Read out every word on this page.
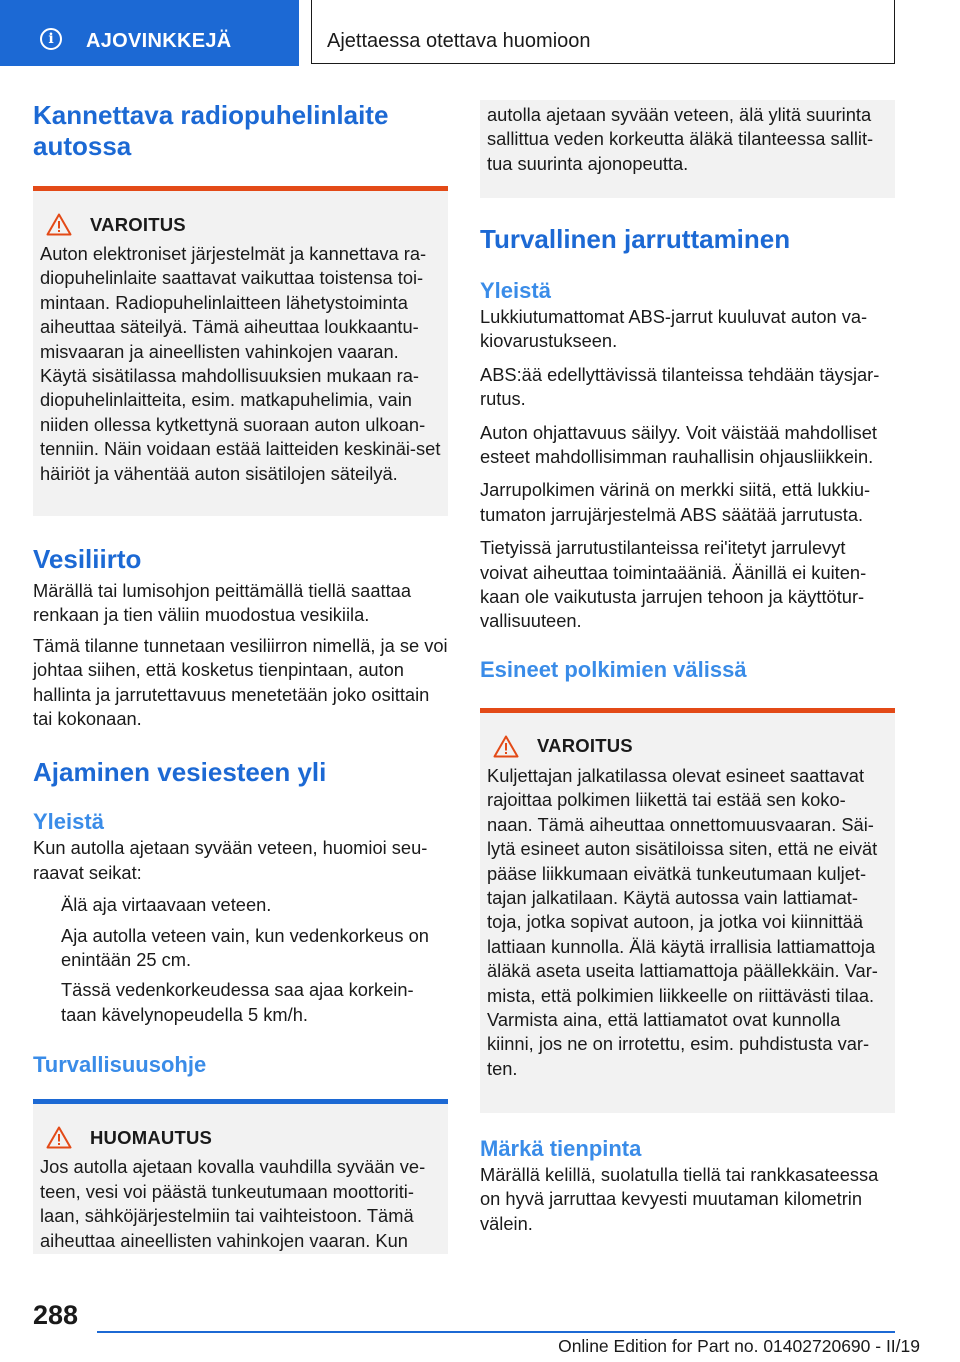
i	AJOVINKKEJÄ	Ajettaessa otettava huomioon
Kannettava radiopuhelinlaite autossa
VAROITUS

Auton elektroniset järjestelmät ja kannettava ra-diopuhelinlaite saattavat vaikuttaa toistensa toi-mintaan. Radiopuhelinlaitteen lähetystoiminta aiheuttaa säteilyä. Tämä aiheuttaa loukkaantu-misvaaran ja aineellisten vahinkojen vaaran. Käytä sisätilassa mahdollisuuksien mukaan ra-diopuhelinlaitteita, esim. matkapuhelimia, vain niiden ollessa kytkettynä suoraan auton ulkoan-tenniin. Näin voidaan estää laitteiden keskinäi-set häiriöt ja vähentää auton sisätilojen säteilyä.

Vesiliirto

Märällä tai lumisohjon peittämällä tiellä saattaa renkaan ja tien väliin muodostua vesikiila.

Tämä tilanne tunnetaan vesiliirron nimellä, ja se voi johtaa siihen, että kosketus tienpintaan, auton hallinta ja jarrutettavuus menetetään joko osittain tai kokonaan.

Ajaminen vesiesteen yli
Yleistä

Kun autolla ajetaan syvään veteen, huomioi seu-raavat seikat:

Älä aja virtaavaan veteen.
Aja autolla veteen vain, kun vedenkorkeus on enintään 25 cm.
Tässä vedenkorkeudessa saa ajaa korkein-taan kävelynopeudella 5 km/h.
Turvallisuusohje
HUOMAUTUS

Jos autolla ajetaan kovalla vauhdilla syvään ve-teen, vesi voi päästä tunkeutumaan moottoriti-laan, sähköjärjestelmiin tai vaihteistoon. Tämä aiheuttaa aineellisten vahinkojen vaaran. Kun

autolla ajetaan syvään veteen, älä ylitä suurinta sallittua veden korkeutta äläkä tilanteessa sallit-tua suurinta ajonopeutta.

Turvallinen jarruttaminen
Yleistä

Lukkiutumattomat ABS-jarrut kuuluvat auton va-kiovarustukseen.

ABS:ää edellyttävissä tilanteissa tehdään täysjar-rutus.

Auton ohjattavuus säilyy. Voit väistää mahdolliset esteet mahdollisimman rauhallisin ohjausliikkein.

Jarrupolkimen värinä on merkki siitä, että lukkiu-tumaton jarrujärjestelmä ABS säätää jarrutusta.

Tietyissä jarrutustilanteissa rei'itetyt jarrulevyt voivat aiheuttaa toimintaääniä. Äänillä ei kuiten-kaan ole vaikutusta jarrujen tehoon ja käyttötur-vallisuuteen.

Esineet polkimien välissä
VAROITUS

Kuljettajan jalkatilassa olevat esineet saattavat rajoittaa polkimen liikettä tai estää sen koko-naan. Tämä aiheuttaa onnettomuusvaaran. Säi-lytä esineet auton sisätiloissa siten, että ne eivät pääse liikkumaan eivätkä tunkeutumaan kuljet-tajan jalkatilaan. Käytä autossa vain lattiamat-toja, jotka sopivat autoon, ja jotka voi kiinnittää lattiaan kunnolla. Älä käytä irrallisia lattiamattoja äläkä aseta useita lattiamattoja päällekkäin. Var-mista, että polkimien liikkeelle on riittävästi tilaa. Varmista aina, että lattiamatot ovat kunnolla kiinni, jos ne on irrotettu, esim. puhdistusta var-ten.

Märkä tienpinta

Märällä kelillä, suolatulla tiellä tai rankkasateessa on hyvä jarruttaa kevyesti muutaman kilometrin välein.

288
Online Edition for Part no. 01402720690 - II/19
